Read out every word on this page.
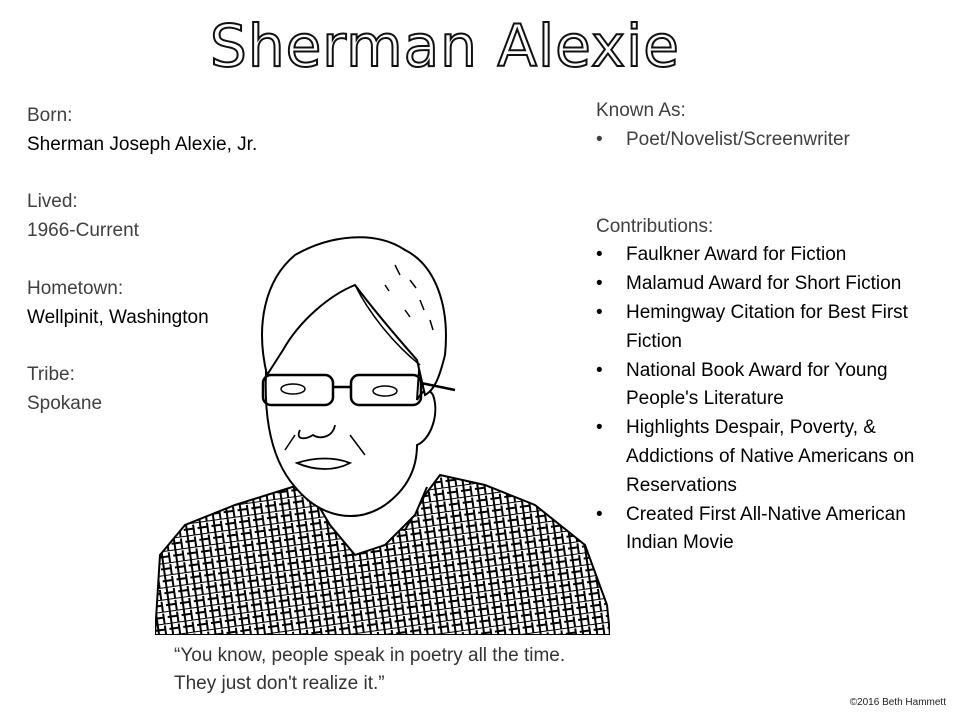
Sherman Alexie
Born:
Sherman Joseph Alexie, Jr.
Lived:
1966-Current
Hometown:
Wellpinit, Washington
Tribe:
Spokane
Known As:
• Poet/Novelist/Screenwriter
Contributions:
• Faulkner Award for Fiction
• Malamud Award for Short Fiction
• Hemingway Citation for Best First Fiction
• National Book Award for Young People's Literature
• Highlights Despair, Poverty, & Addictions of Native Americans on Reservations
• Created First All-Native American Indian Movie
“You know, people speak in poetry all the time.
They just don't realize it.”
©2016 Beth Hammett
